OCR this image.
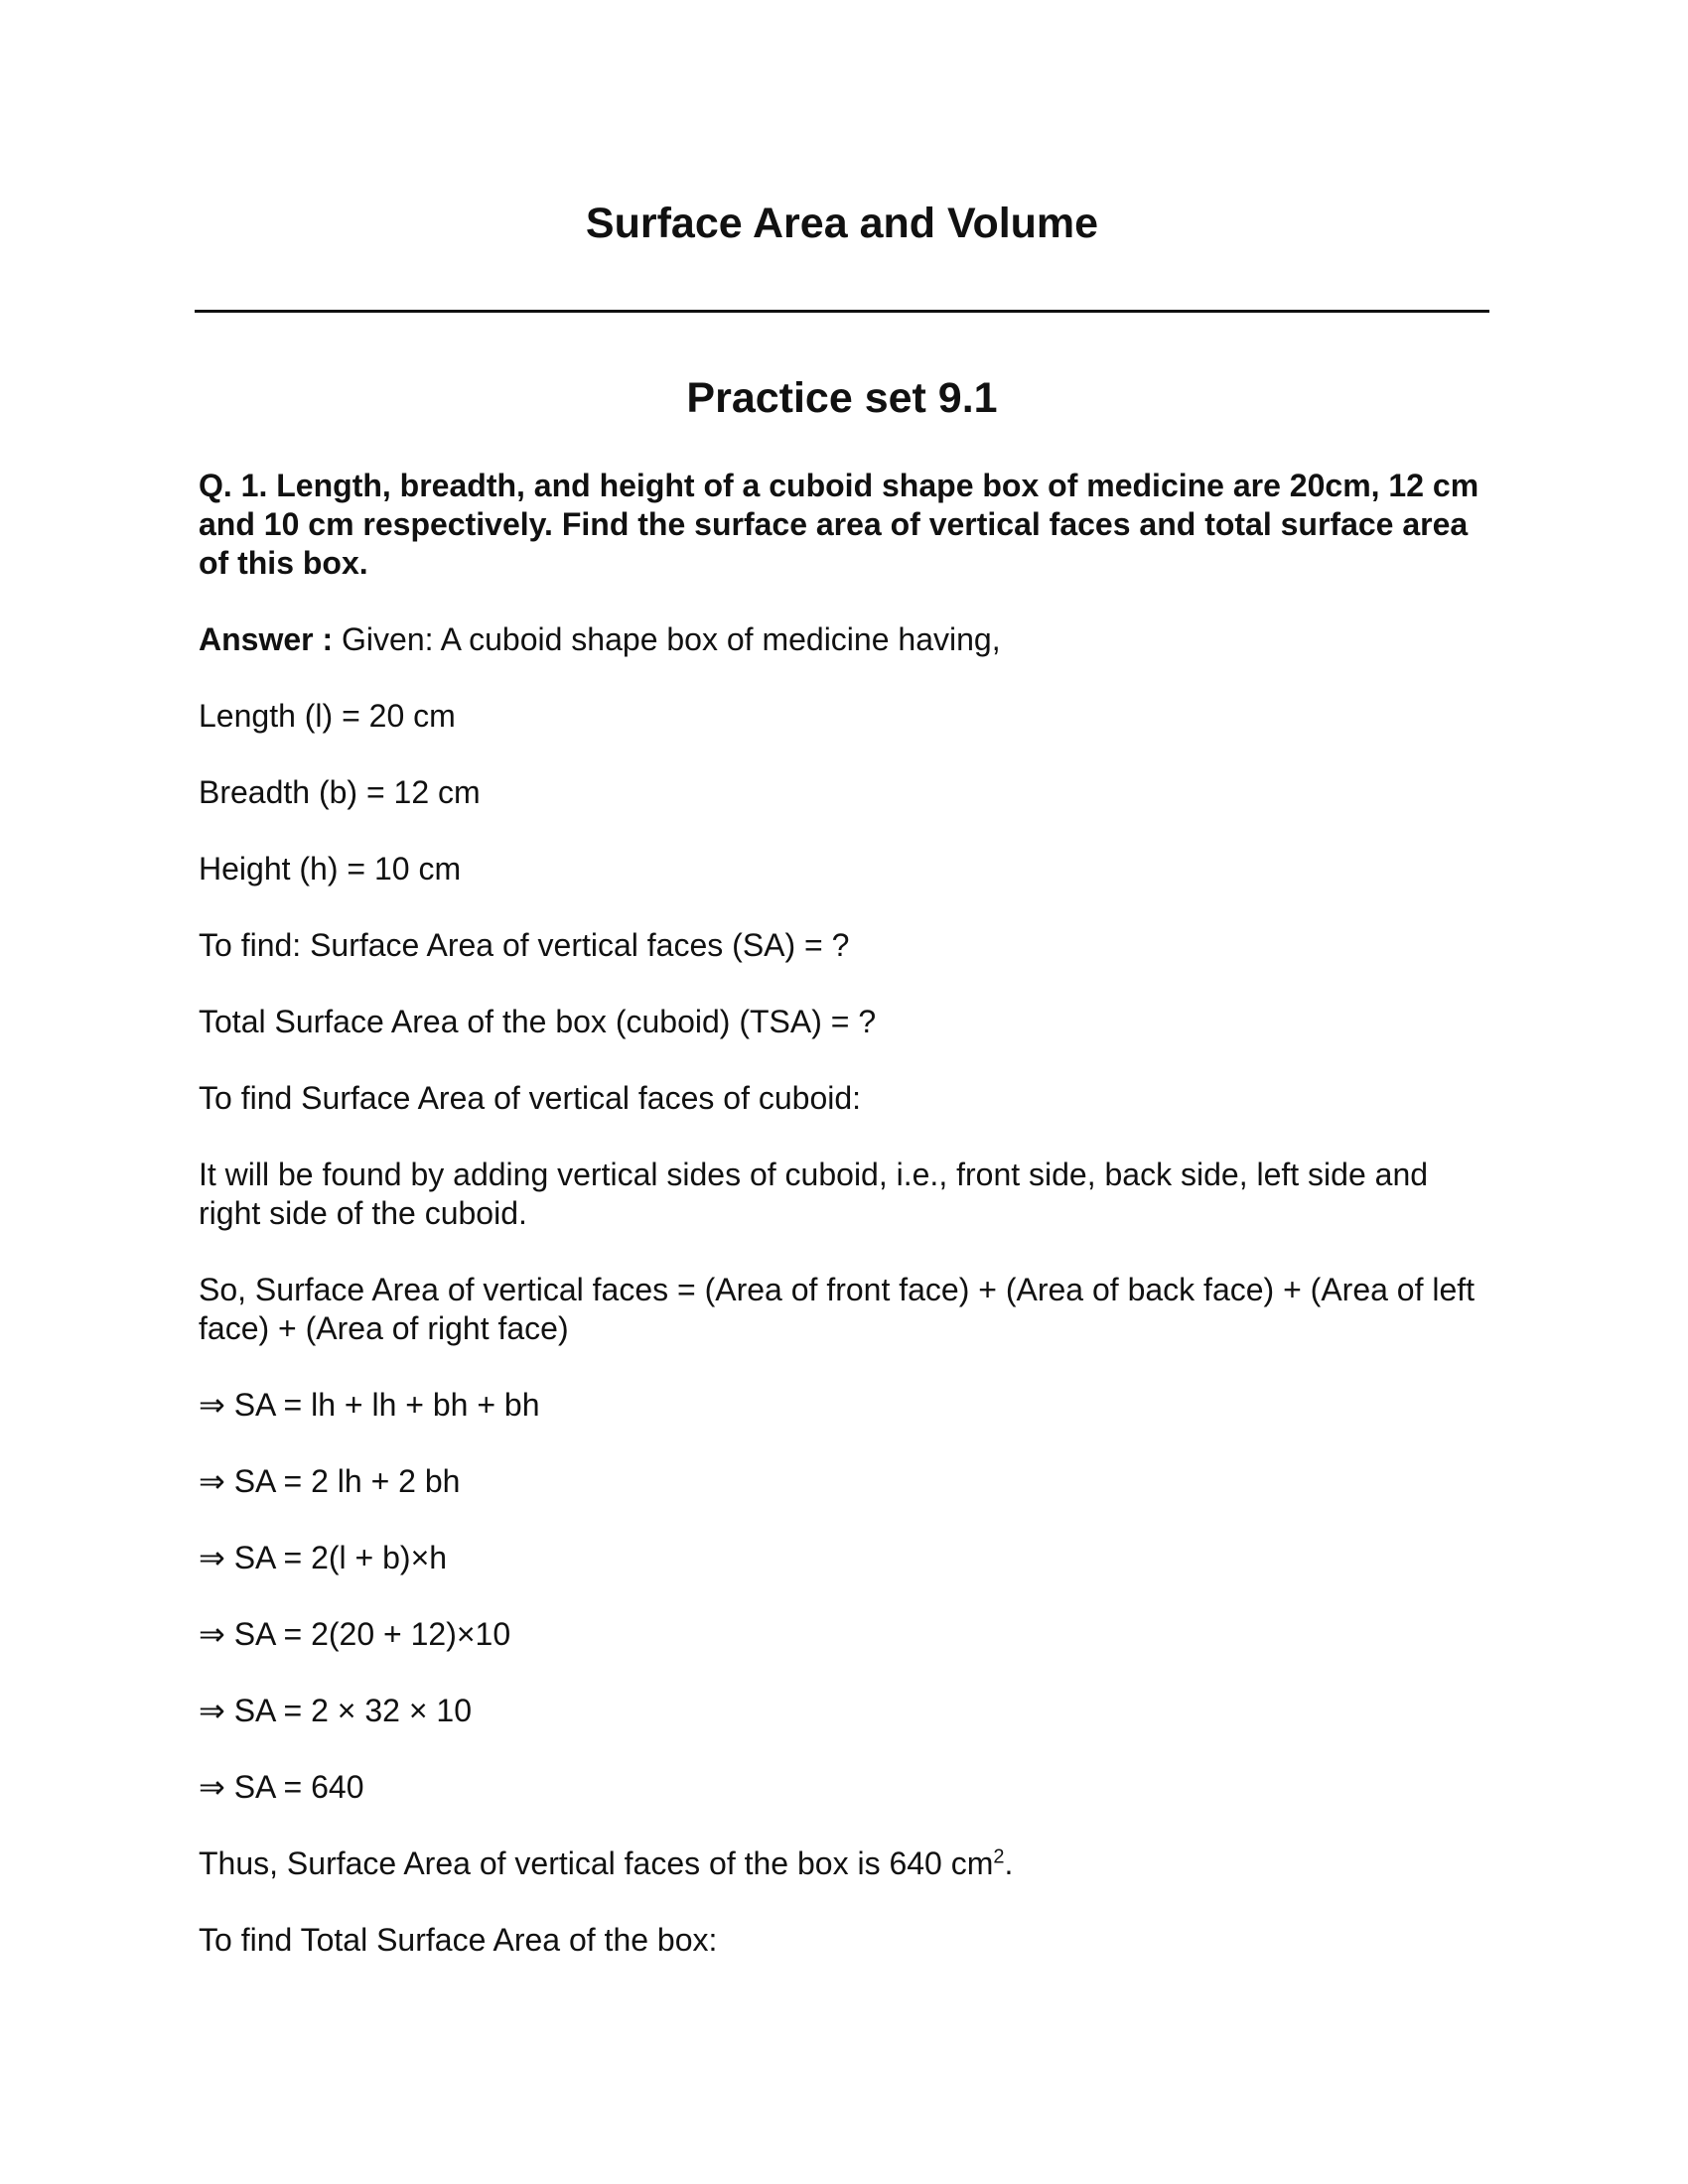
Surface Area and Volume
Practice set 9.1

Q. 1. Length, breadth, and height of a cuboid shape box of medicine are 20cm, 12 cm and 10 cm respectively. Find the surface area of vertical faces and total surface area of this box.

Answer : Given: A cuboid shape box of medicine having,

Length (l) = 20 cm

Breadth (b) = 12 cm

Height (h) = 10 cm

To find: Surface Area of vertical faces (SA) = ?

Total Surface Area of the box (cuboid) (TSA) = ?

To find Surface Area of vertical faces of cuboid:

It will be found by adding vertical sides of cuboid, i.e., front side, back side, left side and right side of the cuboid.

So, Surface Area of vertical faces = (Area of front face) + (Area of back face) + (Area of left face) + (Area of right face)

⇒ SA = lh + lh + bh + bh

⇒ SA = 2 lh + 2 bh

⇒ SA = 2(l + b)×h

⇒ SA = 2(20 + 12)×10

⇒ SA = 2 × 32 × 10

⇒ SA = 640

Thus, Surface Area of vertical faces of the box is 640 $cm^2$.

To find Total Surface Area of the box:
